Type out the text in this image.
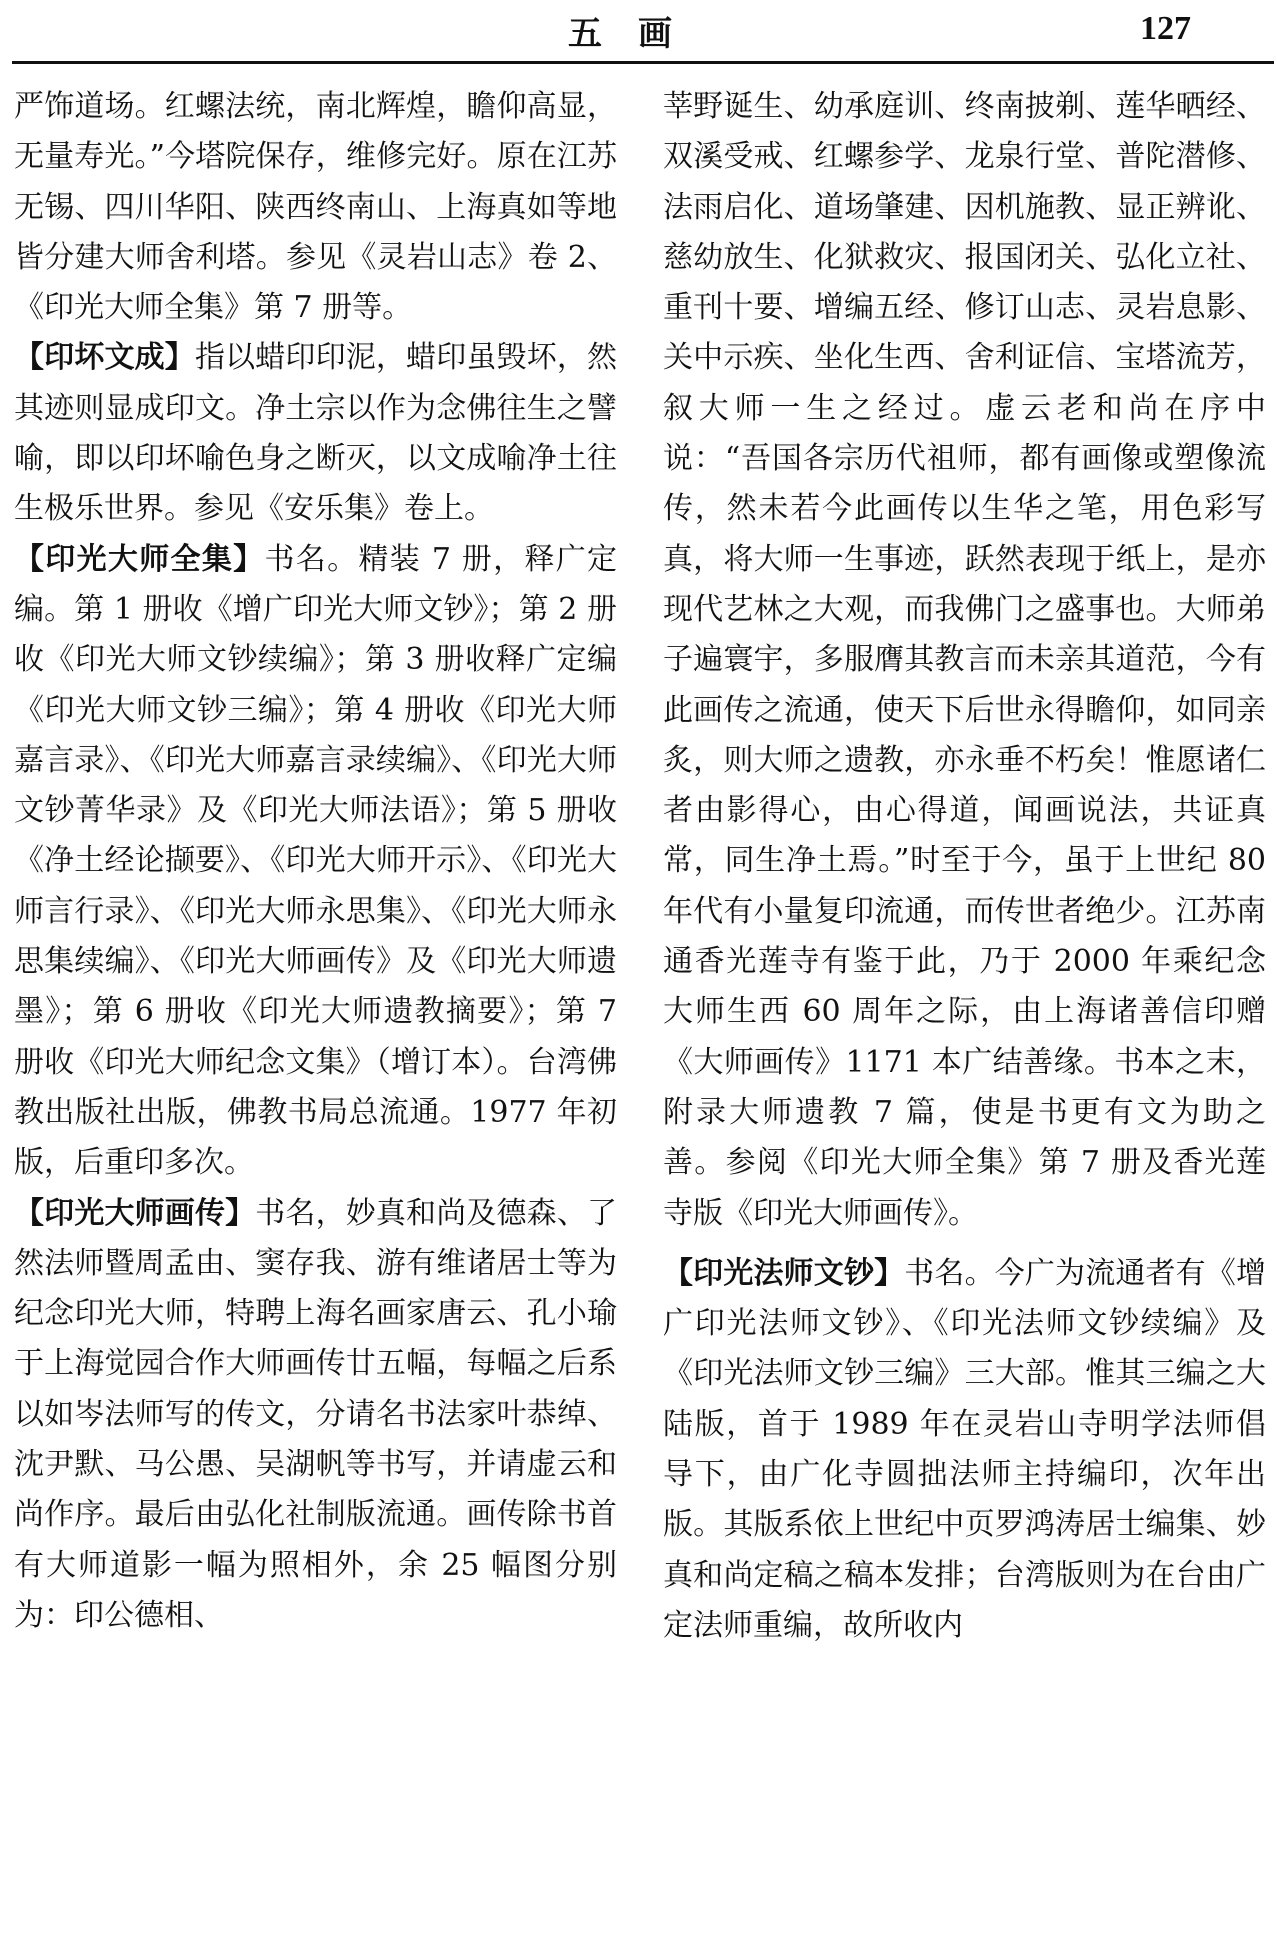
五画	127

严饰道场。红螺法统，南北辉煌，瞻仰高显，无量寿光。”今塔院保存，维修完好。原在江苏无锡、四川华阳、陕西终南山、上海真如等地皆分建大师舍利塔。参见《灵岩山志》卷 2、《印光大师全集》第 7 册等。

【印坏文成】指以蜡印印泥，蜡印虽毁坏，然其迹则显成印文。净土宗以作为念佛往生之譬喻，即以印坏喻色身之断灭，以文成喻净土往生极乐世界。参见《安乐集》卷上。

【印光大师全集】书名。精装 7 册，释广定编。第 1 册收《增广印光大师文钞》；第 2 册收《印光大师文钞续编》；第 3 册收释广定编《印光大师文钞三编》；第 4 册收《印光大师嘉言录》、《印光大师嘉言录续编》、《印光大师文钞菁华录》及《印光大师法语》；第 5 册收《净土经论撷要》、《印光大师开示》、《印光大师言行录》、《印光大师永思集》、《印光大师永思集续编》、《印光大师画传》及《印光大师遗墨》；第 6 册收《印光大师遗教摘要》；第 7 册收《印光大师纪念文集》（增订本）。台湾佛教出版社出版，佛教书局总流通。1977 年初版，后重印多次。

【印光大师画传】书名，妙真和尚及德森、了然法师暨周孟由、窦存我、游有维诸居士等为纪念印光大师，特聘上海名画家唐云、孔小瑜于上海觉园合作大师画传廿五幅，每幅之后系以如岑法师写的传文，分请名书法家叶恭绰、沈尹默、马公愚、吴湖帆等书写，并请虚云和尚作序。最后由弘化社制版流通。画传除书首有大师道影一幅为照相外，余 25 幅图分别为：印公德相、

莘野诞生、幼承庭训、终南披剃、莲华晒经、双溪受戒、红螺参学、龙泉行堂、普陀潜修、法雨启化、道场肇建、因机施教、显正辨讹、慈幼放生、化狱救灾、报国闭关、弘化立社、重刊十要、增编五经、修订山志、灵岩息影、关中示疾、坐化生西、舍利证信、宝塔流芳，叙大师一生之经过。虚云老和尚在序中说：“吾国各宗历代祖师，都有画像或塑像流传，然未若今此画传以生华之笔，用色彩写真，将大师一生事迹，跃然表现于纸上，是亦现代艺林之大观，而我佛门之盛事也。大师弟子遍寰宇，多服膺其教言而未亲其道范，今有此画传之流通，使天下后世永得瞻仰，如同亲炙，则大师之遗教，亦永垂不朽矣！惟愿诸仁者由影得心，由心得道，闻画说法，共证真常，同生净土焉。”时至于今，虽于上世纪 80 年代有小量复印流通，而传世者绝少。江苏南通香光莲寺有鉴于此，乃于 2000 年乘纪念大师生西 60 周年之际，由上海诸善信印赠《大师画传》1171 本广结善缘。书本之末，附录大师遗教 7 篇，使是书更有文为助之善。参阅《印光大师全集》第 7 册及香光莲寺版《印光大师画传》。

【印光法师文钞】书名。今广为流通者有《增广印光法师文钞》、《印光法师文钞续编》及《印光法师文钞三编》三大部。惟其三编之大陆版，首于 1989 年在灵岩山寺明学法师倡导下，由广化寺圆拙法师主持编印，次年出版。其版系依上世纪中页罗鸿涛居士编集、妙真和尚定稿之稿本发排；台湾版则为在台由广定法师重编，故所收内
